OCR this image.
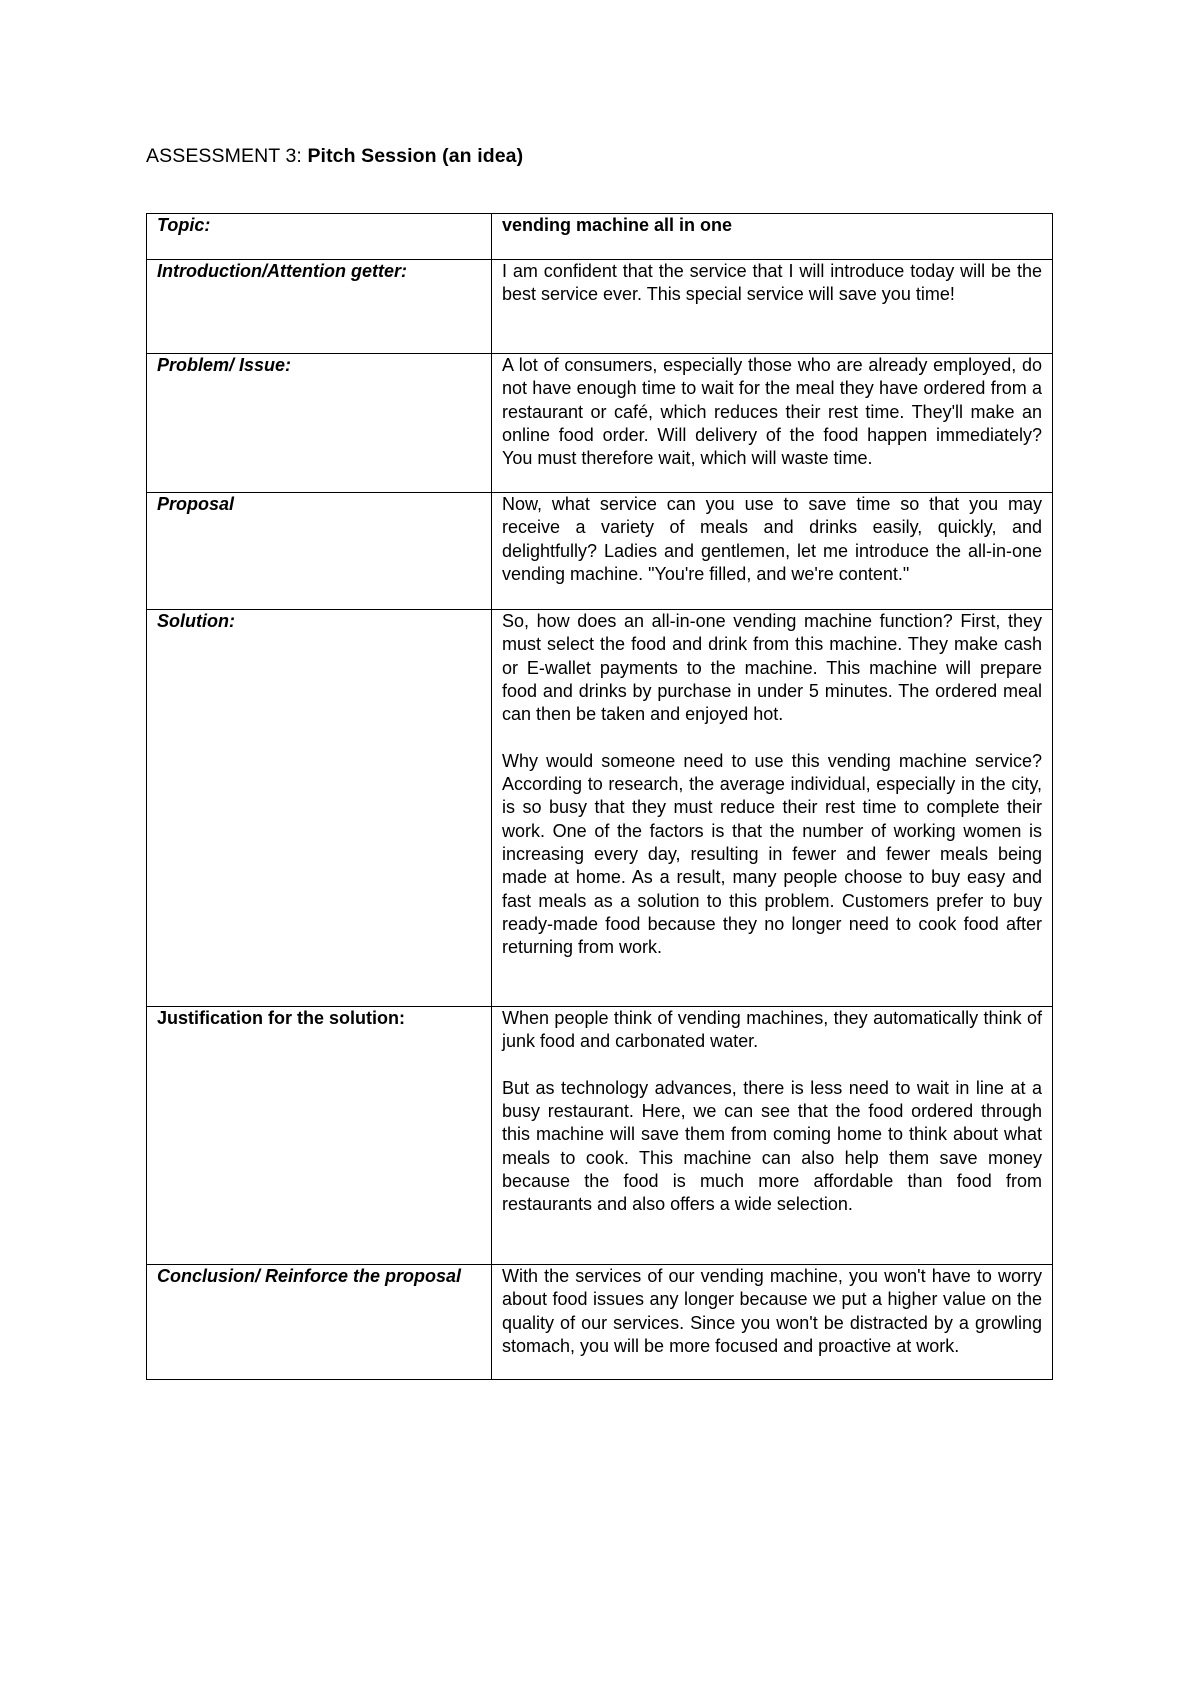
ASSESSMENT 3: Pitch Session (an idea)
Topic:	vending machine all in one

Introduction/Attention getter:	I am confident that the service that I will introduce today will be the best service ever. This special service will save you time!

Problem/ Issue:	A lot of consumers, especially those who are already employed, do not have enough time to wait for the meal they have ordered from a restaurant or café, which reduces their rest time. They'll make an online food order. Will delivery of the food happen immediately? You must therefore wait, which will waste time.

Proposal	Now, what service can you use to save time so that you may receive a variety of meals and drinks easily, quickly, and delightfully? Ladies and gentlemen, let me introduce the all-in-one vending machine. "You're filled, and we're content."

Solution:	So, how does an all-in-one vending machine function? First, they must select the food and drink from this machine. They make cash or E-wallet payments to the machine. This machine will prepare food and drinks by purchase in under 5 minutes. The ordered meal can then be taken and enjoyed hot.

Why would someone need to use this vending machine service? According to research, the average individual, especially in the city, is so busy that they must reduce their rest time to complete their work. One of the factors is that the number of working women is increasing every day, resulting in fewer and fewer meals being made at home. As a result, many people choose to buy easy and fast meals as a solution to this problem. Customers prefer to buy ready-made food because they no longer need to cook food after returning from work.

Justification for the solution:	When people think of vending machines, they automatically think of junk food and carbonated water.

But as technology advances, there is less need to wait in line at a busy restaurant. Here, we can see that the food ordered through this machine will save them from coming home to think about what meals to cook. This machine can also help them save money because the food is much more affordable than food from restaurants and also offers a wide selection.

Conclusion/ Reinforce the proposal	With the services of our vending machine, you won't have to worry about food issues any longer because we put a higher value on the quality of our services. Since you won't be distracted by a growling stomach, you will be more focused and proactive at work.
